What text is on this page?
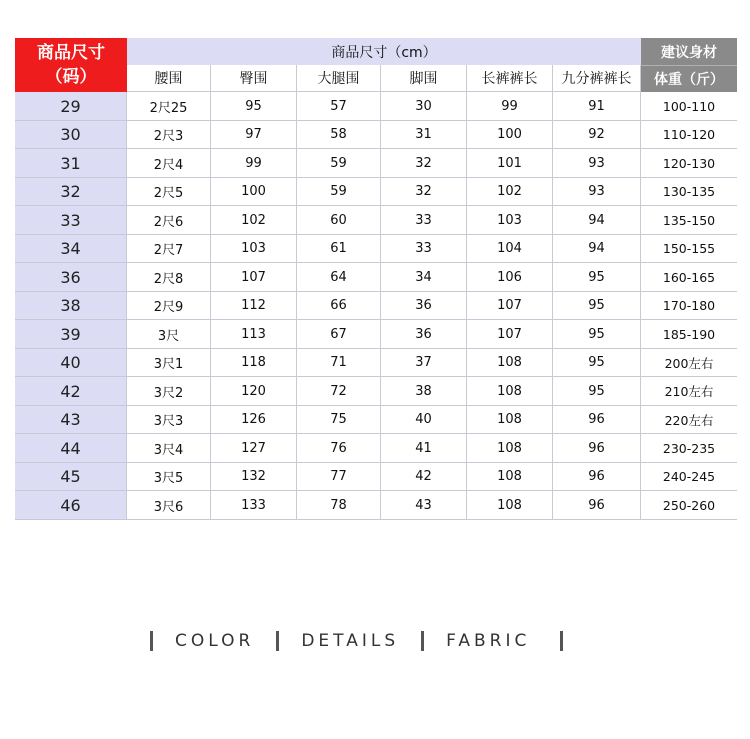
商品尺寸
（码）
商品尺寸（cm）
腰围	臀围	大腿围	脚围	长裤裤长	九分裤裤长
建议身材
体重（斤）
29	2尺25	95	57	30	99	91	100-110
30	2尺3	97	58	31	100	92	110-120
31	2尺4	99	59	32	101	93	120-130
32	2尺5	100	59	32	102	93	130-135
33	2尺6	102	60	33	103	94	135-150
34	2尺7	103	61	33	104	94	150-155
36	2尺8	107	64	34	106	95	160-165
38	2尺9	112	66	36	107	95	170-180
39	3尺	113	67	36	107	95	185-190
40	3尺1	118	71	37	108	95	200左右
42	3尺2	120	72	38	108	95	210左右
43	3尺3	126	75	40	108	96	220左右
44	3尺4	127	76	41	108	96	230-235
45	3尺5	132	77	42	108	96	240-245
46	3尺6	133	78	43	108	96	250-260
COLOR	DETAILS	FABRIC
